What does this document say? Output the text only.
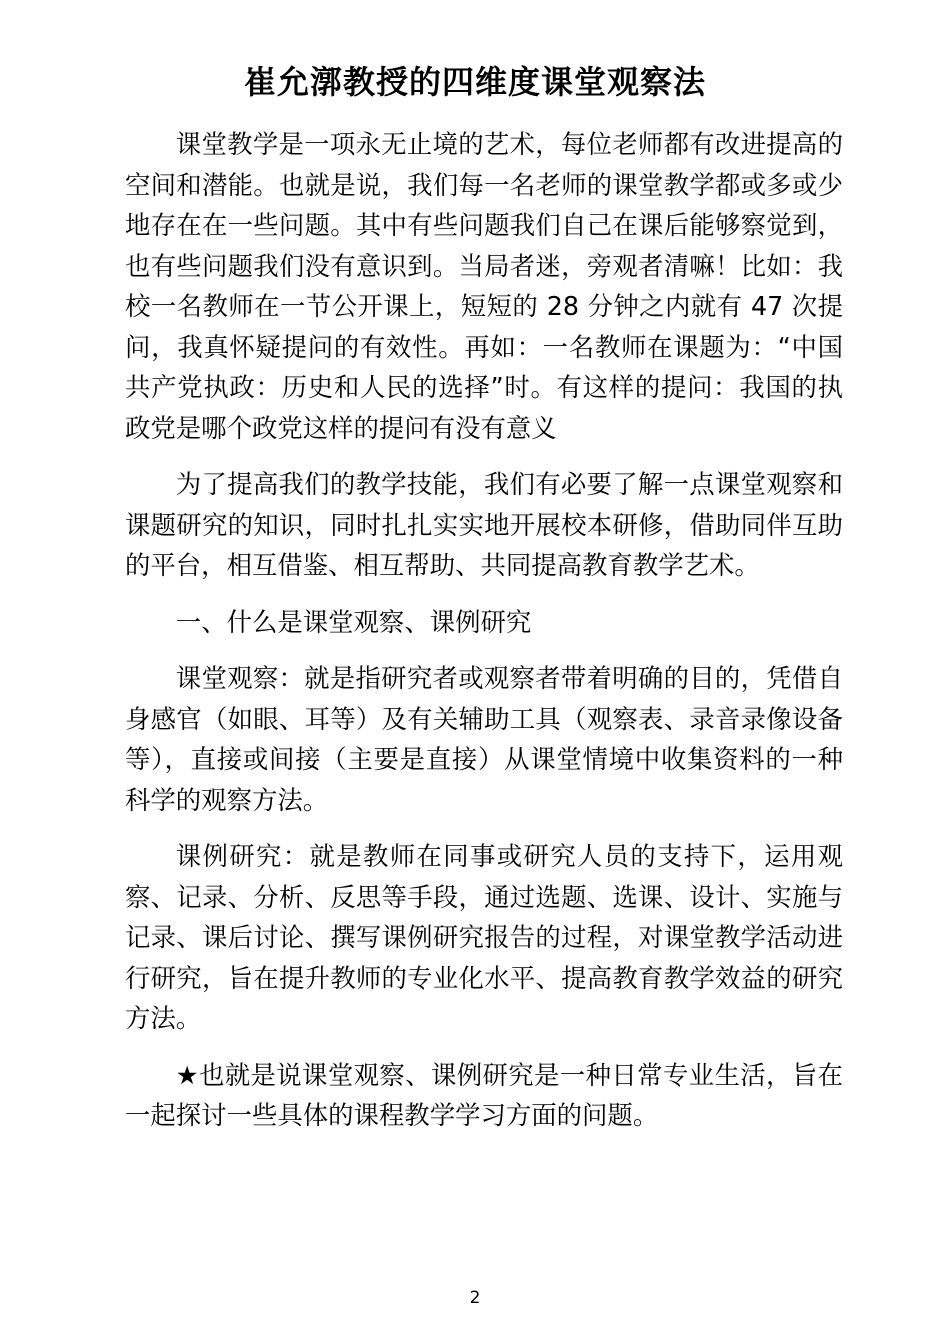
崔允漷教授的四维度课堂观察法

课堂教学是一项永无止境的艺术，每位老师都有改进提高的空间和潜能。也就是说，我们每一名老师的课堂教学都或多或少地存在在一些问题。其中有些问题我们自己在课后能够察觉到，也有些问题我们没有意识到。当局者迷，旁观者清嘛！比如：我校一名教师在一节公开课上，短短的 28 分钟之内就有 47 次提问，我真怀疑提问的有效性。再如：一名教师在课题为：“中国共产党执政：历史和人民的选择”时。有这样的提问：我国的执政党是哪个政党这样的提问有没有意义

为了提高我们的教学技能，我们有必要了解一点课堂观察和课题研究的知识，同时扎扎实实地开展校本研修，借助同伴互助的平台，相互借鉴、相互帮助、共同提高教育教学艺术。

一、什么是课堂观察、课例研究

课堂观察：就是指研究者或观察者带着明确的目的，凭借自身感官（如眼、耳等）及有关辅助工具（观察表、录音录像设备等），直接或间接（主要是直接）从课堂情境中收集资料的一种科学的观察方法。

课例研究：就是教师在同事或研究人员的支持下，运用观察、记录、分析、反思等手段，通过选题、选课、设计、实施与记录、课后讨论、撰写课例研究报告的过程，对课堂教学活动进行研究，旨在提升教师的专业化水平、提高教育教学效益的研究方法。

★也就是说课堂观察、课例研究是一种日常专业生活，旨在一起探讨一些具体的课程教学学习方面的问题。

2
